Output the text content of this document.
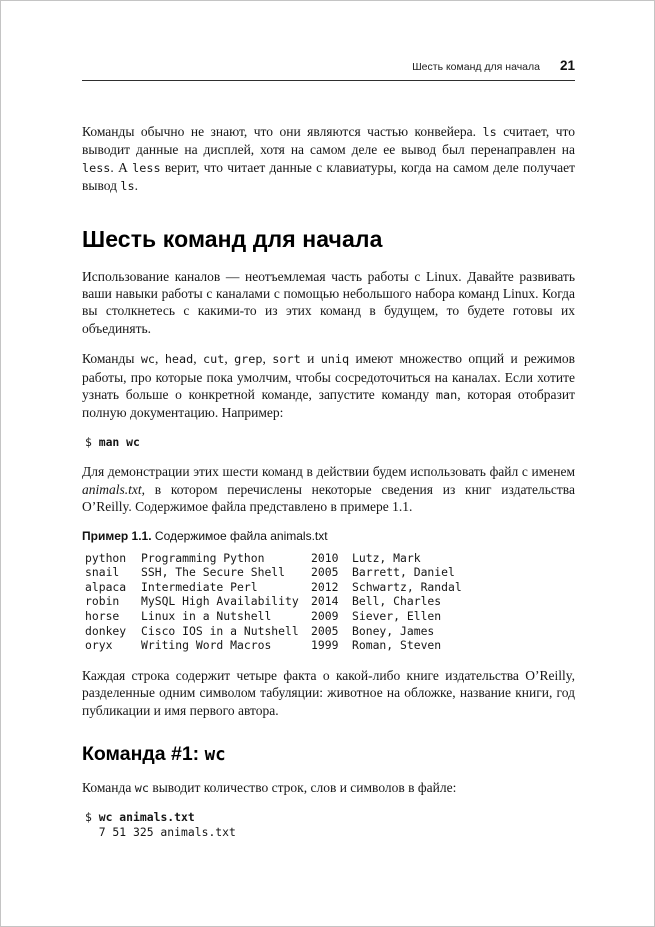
Шесть команд для начала 21

Команды обычно не знают, что они являются частью конвейера. ls считает, что выводит данные на дисплей, хотя на самом деле ее вывод был перенаправлен на less. А less верит, что читает данные с клавиатуры, когда на самом деле получает вывод ls.

Шесть команд для начала

Использование каналов — неотъемлемая часть работы с Linux. Давайте развивать ваши навыки работы с каналами с помощью небольшого набора команд Linux. Когда вы столкнетесь с какими-то из этих команд в будущем, то будете готовы их объединять.

Команды wc, head, cut, grep, sort и uniq имеют множество опций и режимов работы, про которые пока умолчим, чтобы сосредоточиться на каналах. Если хотите узнать больше о конкретной команде, запустите команду man, которая отобразит полную документацию. Например:

$ man wc

Для демонстрации этих шести команд в действии будем использовать файл с именем animals.txt, в котором перечислены некоторые сведения из книг издательства O’Reilly. Содержимое файла представлено в примере 1.1.

Пример 1.1. Содержимое файла animals.txt
python	Programming Python	2010	Lutz, Mark
snail	SSH, The Secure Shell	2005	Barrett, Daniel
alpaca	Intermediate Perl	2012	Schwartz, Randal
robin	MySQL High Availability	2014	Bell, Charles
horse	Linux in a Nutshell	2009	Siever, Ellen
donkey	Cisco IOS in a Nutshell	2005	Boney, James
oryx	Writing Word Macros	1999	Roman, Steven

Каждая строка содержит четыре факта о какой-либо книге издательства O’Reilly, разделенные одним символом табуляции: животное на обложке, название книги, год публикации и имя первого автора.

Команда #1: wc

Команда wc выводит количество строк, слов и символов в файле:

$ wc animals.txt
7 51 325 animals.txt
